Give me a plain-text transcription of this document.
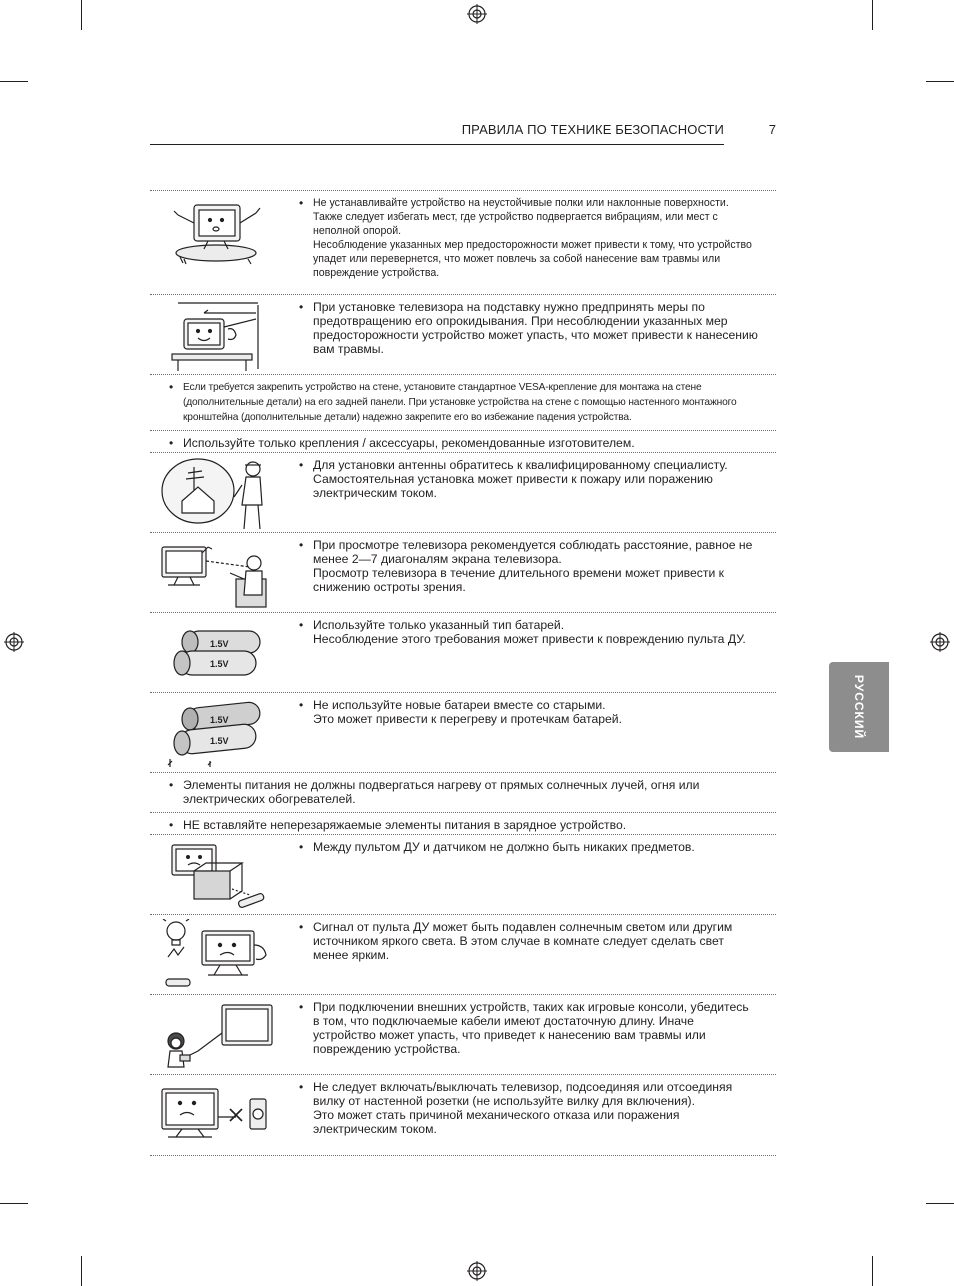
ПРАВИЛА ПО ТЕХНИКЕ БЕЗОПАСНОСТИ	7
РУССКИЙ
• Не устанавливайте устройство на неустойчивые полки или наклонные поверхности. Также следует избегать мест, где устройство подвергается вибрациям, или мест с неполной опорой.

Несоблюдение указанных мер предосторожности может привести к тому, что устройство упадет или перевернется, что может повлечь за собой нанесение вам травмы или повреждение устройства.

• При установке телевизора на подставку нужно предпринять меры по предотвращению его опрокидывания. При несоблюдении указанных мер предосторожности устройство может упасть, что может привести к нанесению вам травмы.

• Если требуется закрепить устройство на стене, установите стандартное VESA-крепление для монтажа на стене (дополнительные детали) на его задней панели. При установке устройства на стене с помощью настенного монтажного кронштейна (дополнительные детали) надежно закрепите его во избежание падения устройства.

• Используйте только крепления / аксессуары, рекомендованные изготовителем.

• Для установки антенны обратитесь к квалифицированному специалисту.

Самостоятельная установка может привести к пожару или поражению электрическим током.

• При просмотре телевизора рекомендуется соблюдать расстояние, равное не менее 2—7 диагоналям экрана телевизора.

Просмотр телевизора в течение длительного времени может привести к снижению остроты зрения.

1.5V
1.5V
• Используйте только указанный тип батарей.

Несоблюдение этого требования может привести к повреждению пульта ДУ.

1.5V
1.5V
• Не используйте новые батареи вместе со старыми.

Это может привести к перегреву и протечкам батарей.

• Элементы питания не должны подвергаться нагреву от прямых солнечных лучей, огня или электрических обогревателей.

• НЕ вставляйте неперезаряжаемые элементы питания в зарядное устройство.

• Между пультом ДУ и датчиком не должно быть никаких предметов.

• Сигнал от пульта ДУ может быть подавлен солнечным светом или другим источником яркого света. В этом случае в комнате следует сделать свет менее ярким.

• При подключении внешних устройств, таких как игровые консоли, убедитесь в том, что подключаемые кабели имеют достаточную длину. Иначе устройство может упасть, что приведет к нанесению вам травмы или повреждению устройства.

• Не следует включать/выключать телевизор, подсоединяя или отсоединяя вилку от настенной розетки (не используйте вилку для включения).

Это может стать причиной механического отказа или поражения электрическим током.
